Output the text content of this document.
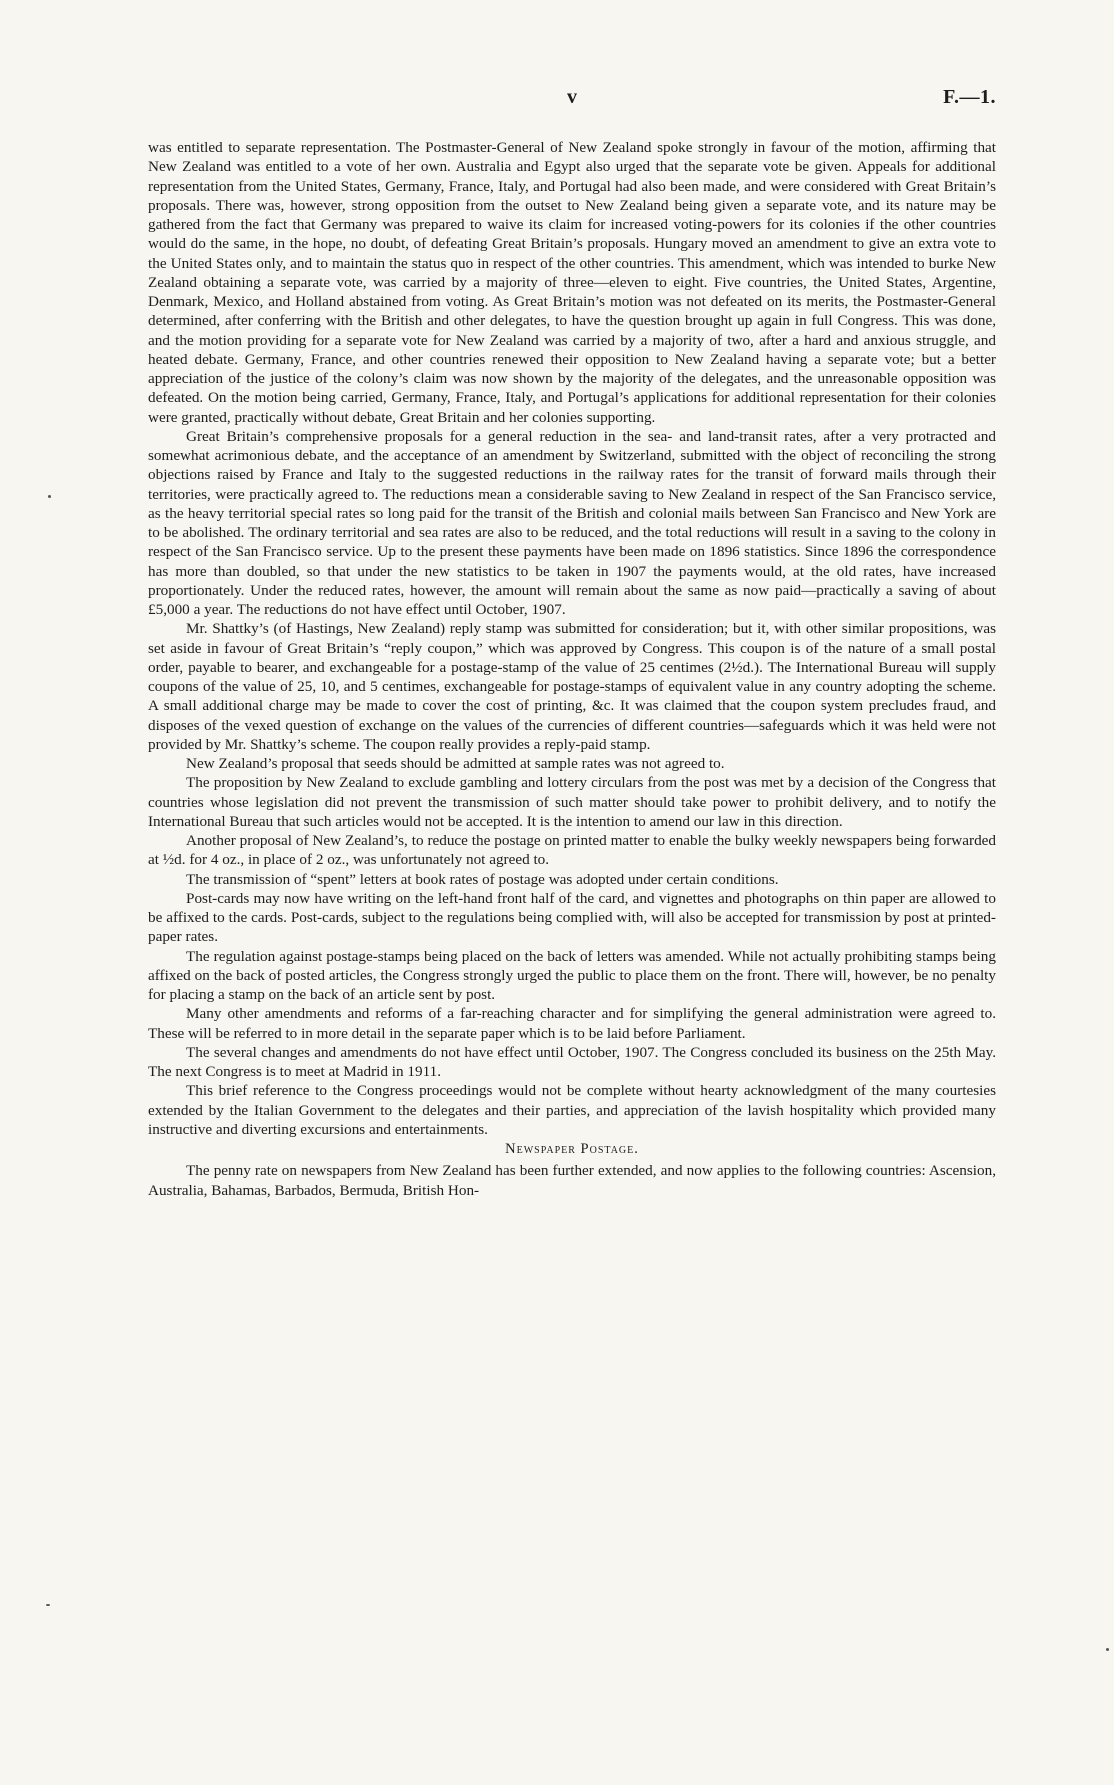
v	F.—1.

was entitled to separate representation. The Postmaster-General of New Zealand spoke strongly in favour of the motion, affirming that New Zealand was entitled to a vote of her own. Australia and Egypt also urged that the separate vote be given. Appeals for additional representation from the United States, Germany, France, Italy, and Portugal had also been made, and were considered with Great Britain’s proposals. There was, however, strong opposition from the outset to New Zealand being given a separate vote, and its nature may be gathered from the fact that Germany was prepared to waive its claim for increased voting-powers for its colonies if the other countries would do the same, in the hope, no doubt, of defeating Great Britain’s proposals. Hungary moved an amendment to give an extra vote to the United States only, and to maintain the status quo in respect of the other countries. This amendment, which was intended to burke New Zealand obtaining a separate vote, was carried by a majority of three—eleven to eight. Five countries, the United States, Argentine, Denmark, Mexico, and Holland abstained from voting. As Great Britain’s motion was not defeated on its merits, the Postmaster-General determined, after conferring with the British and other delegates, to have the question brought up again in full Congress. This was done, and the motion providing for a separate vote for New Zealand was carried by a majority of two, after a hard and anxious struggle, and heated debate. Germany, France, and other countries renewed their opposition to New Zealand having a separate vote; but a better appreciation of the justice of the colony’s claim was now shown by the majority of the delegates, and the unreasonable opposition was defeated. On the motion being carried, Germany, France, Italy, and Portugal’s applications for additional representation for their colonies were granted, practically without debate, Great Britain and her colonies supporting.

Great Britain’s comprehensive proposals for a general reduction in the sea- and land-transit rates, after a very protracted and somewhat acrimonious debate, and the acceptance of an amendment by Switzerland, submitted with the object of reconciling the strong objections raised by France and Italy to the suggested reductions in the railway rates for the transit of forward mails through their territories, were practically agreed to. The reductions mean a considerable saving to New Zealand in respect of the San Francisco service, as the heavy territorial special rates so long paid for the transit of the British and colonial mails between San Francisco and New York are to be abolished. The ordinary territorial and sea rates are also to be reduced, and the total reductions will result in a saving to the colony in respect of the San Francisco service. Up to the present these payments have been made on 1896 statistics. Since 1896 the correspondence has more than doubled, so that under the new statistics to be taken in 1907 the payments would, at the old rates, have increased proportionately. Under the reduced rates, however, the amount will remain about the same as now paid—practically a saving of about £5,000 a year. The reductions do not have effect until October, 1907.

Mr. Shattky’s (of Hastings, New Zealand) reply stamp was submitted for consideration; but it, with other similar propositions, was set aside in favour of Great Britain’s “reply coupon,” which was approved by Congress. This coupon is of the nature of a small postal order, payable to bearer, and exchangeable for a postage-stamp of the value of 25 centimes (2½d.). The International Bureau will supply coupons of the value of 25, 10, and 5 centimes, exchangeable for postage-stamps of equivalent value in any country adopting the scheme. A small additional charge may be made to cover the cost of printing, &c. It was claimed that the coupon system precludes fraud, and disposes of the vexed question of exchange on the values of the currencies of different countries—safeguards which it was held were not provided by Mr. Shattky’s scheme. The coupon really provides a reply-paid stamp.

New Zealand’s proposal that seeds should be admitted at sample rates was not agreed to.

The proposition by New Zealand to exclude gambling and lottery circulars from the post was met by a decision of the Congress that countries whose legislation did not prevent the transmission of such matter should take power to prohibit delivery, and to notify the International Bureau that such articles would not be accepted. It is the intention to amend our law in this direction.

Another proposal of New Zealand’s, to reduce the postage on printed matter to enable the bulky weekly newspapers being forwarded at ½d. for 4 oz., in place of 2 oz., was unfortunately not agreed to.

The transmission of “spent” letters at book rates of postage was adopted under certain conditions.

Post-cards may now have writing on the left-hand front half of the card, and vignettes and photographs on thin paper are allowed to be affixed to the cards. Post-cards, subject to the regulations being complied with, will also be accepted for transmission by post at printed-paper rates.

The regulation against postage-stamps being placed on the back of letters was amended. While not actually prohibiting stamps being affixed on the back of posted articles, the Congress strongly urged the public to place them on the front. There will, however, be no penalty for placing a stamp on the back of an article sent by post.

Many other amendments and reforms of a far-reaching character and for simplifying the general administration were agreed to. These will be referred to in more detail in the separate paper which is to be laid before Parliament.

The several changes and amendments do not have effect until October, 1907. The Congress concluded its business on the 25th May. The next Congress is to meet at Madrid in 1911.

This brief reference to the Congress proceedings would not be complete without hearty acknowledgment of the many courtesies extended by the Italian Government to the delegates and their parties, and appreciation of the lavish hospitality which provided many instructive and diverting excursions and entertainments.

Newspaper Postage.

The penny rate on newspapers from New Zealand has been further extended, and now applies to the following countries: Ascension, Australia, Bahamas, Barbados, Bermuda, British Hon-
